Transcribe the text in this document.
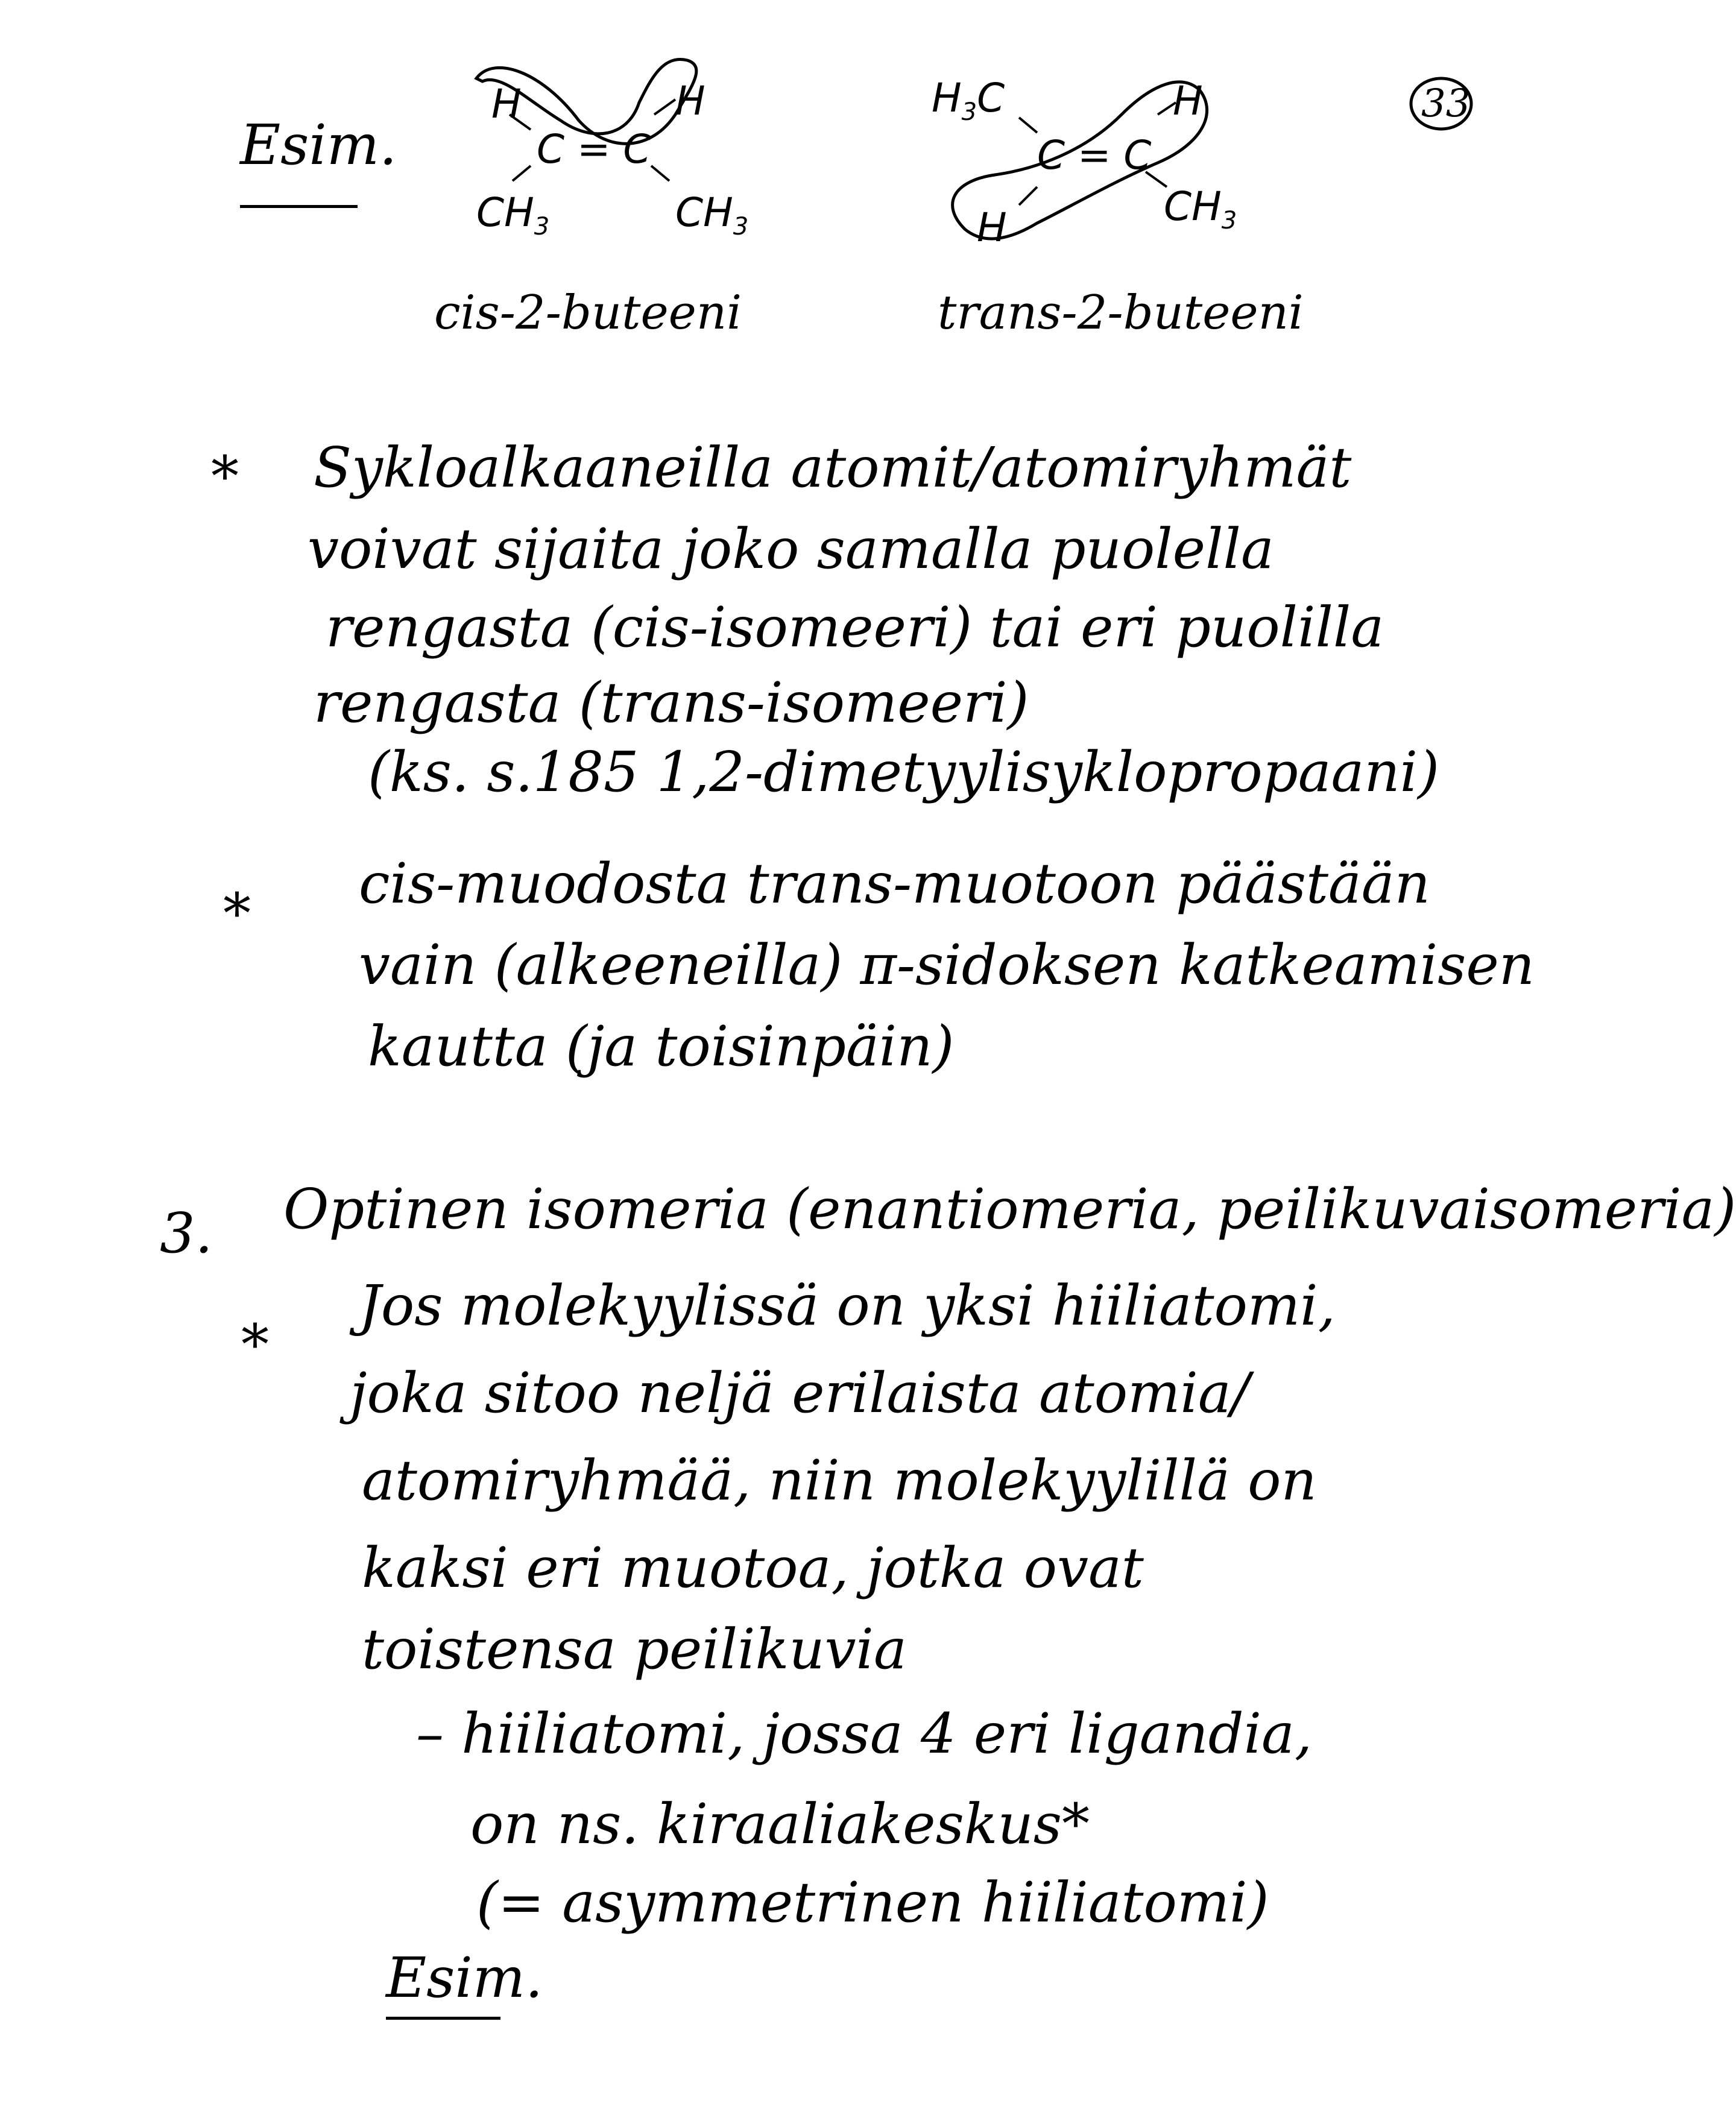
33
Esim.
H	H
C = C
$CH_3$	$CH_3$
cis-2-buteeni
$H_3C$	H
C = C
H	$CH_3$
trans-2-buteeni
* Sykloalkaaneilla atomit/atomiryhmät
voivat sijaita joko samalla puolella
rengasta (cis-isomeeri) tai eri puolilla
rengasta (trans-isomeeri)
(ks. s.185 1,2-dimetyylisyklopropaani)
* cis-muodosta trans-muotoon päästään
vain (alkeeneilla) π-sidoksen katkeamisen
kautta (ja toisinpäin)
3. Optinen isomeria (enantiomeria, peilikuvaisomeria)
*
Jos molekyylissä on yksi hiiliatomi,
joka sitoo neljä erilaista atomia/
atomiryhmää, niin molekyylillä on
kaksi eri muotoa, jotka ovat
toistensa peilikuvia
– hiiliatomi, jossa 4 eri ligandia,
on ns. kiraaliakeskus*
(= asymmetrinen hiiliatomi)
Esim.
